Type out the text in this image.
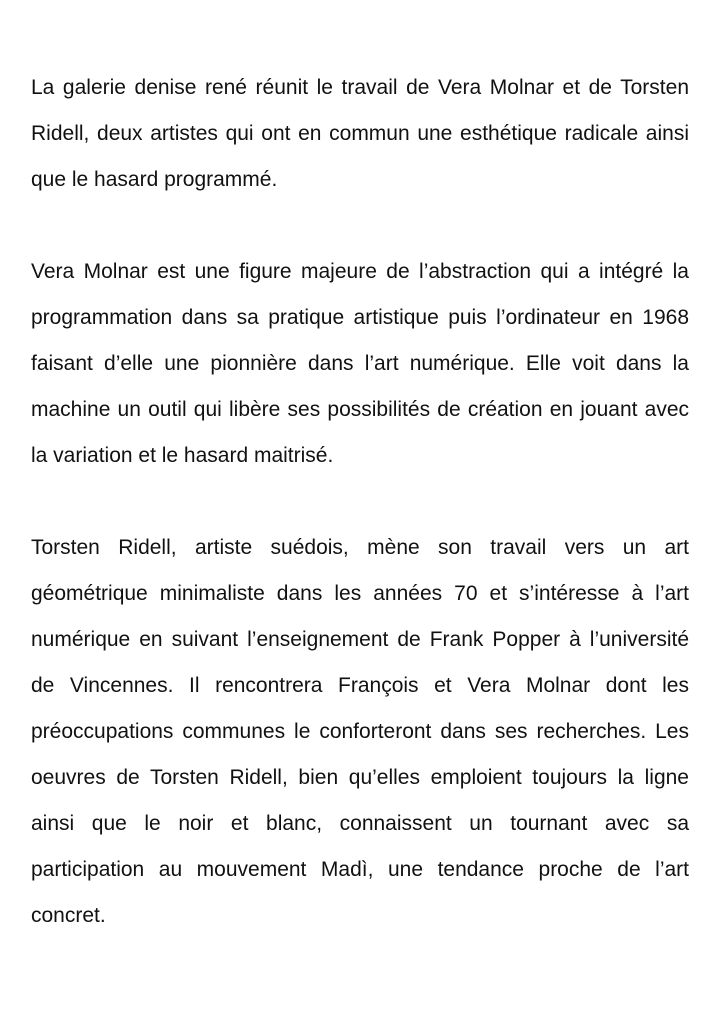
La galerie denise rené réunit le travail de Vera Molnar et de Torsten Ridell, deux artistes qui ont en commun une esthétique radicale ainsi que le hasard programmé.

Vera Molnar est une figure majeure de l’abstraction qui a intégré la programmation dans sa pratique artistique puis l’ordinateur en 1968 faisant d’elle une pionnière dans l’art numérique. Elle voit dans la machine un outil qui libère ses possibilités de création en jouant avec la variation et le hasard maitrisé.

Torsten Ridell, artiste suédois, mène son travail vers un art géométrique minimaliste dans les années 70 et s’intéresse à l’art numérique en suivant l’enseignement de Frank Popper à l’université de Vincennes. Il rencontrera François et Vera Molnar dont les préoccupations communes le conforteront dans ses recherches. Les oeuvres de Torsten Ridell, bien qu’elles emploient toujours la ligne ainsi que le noir et blanc, connaissent un tournant avec sa participation au mouvement Madì, une tendance proche de l’art concret.
